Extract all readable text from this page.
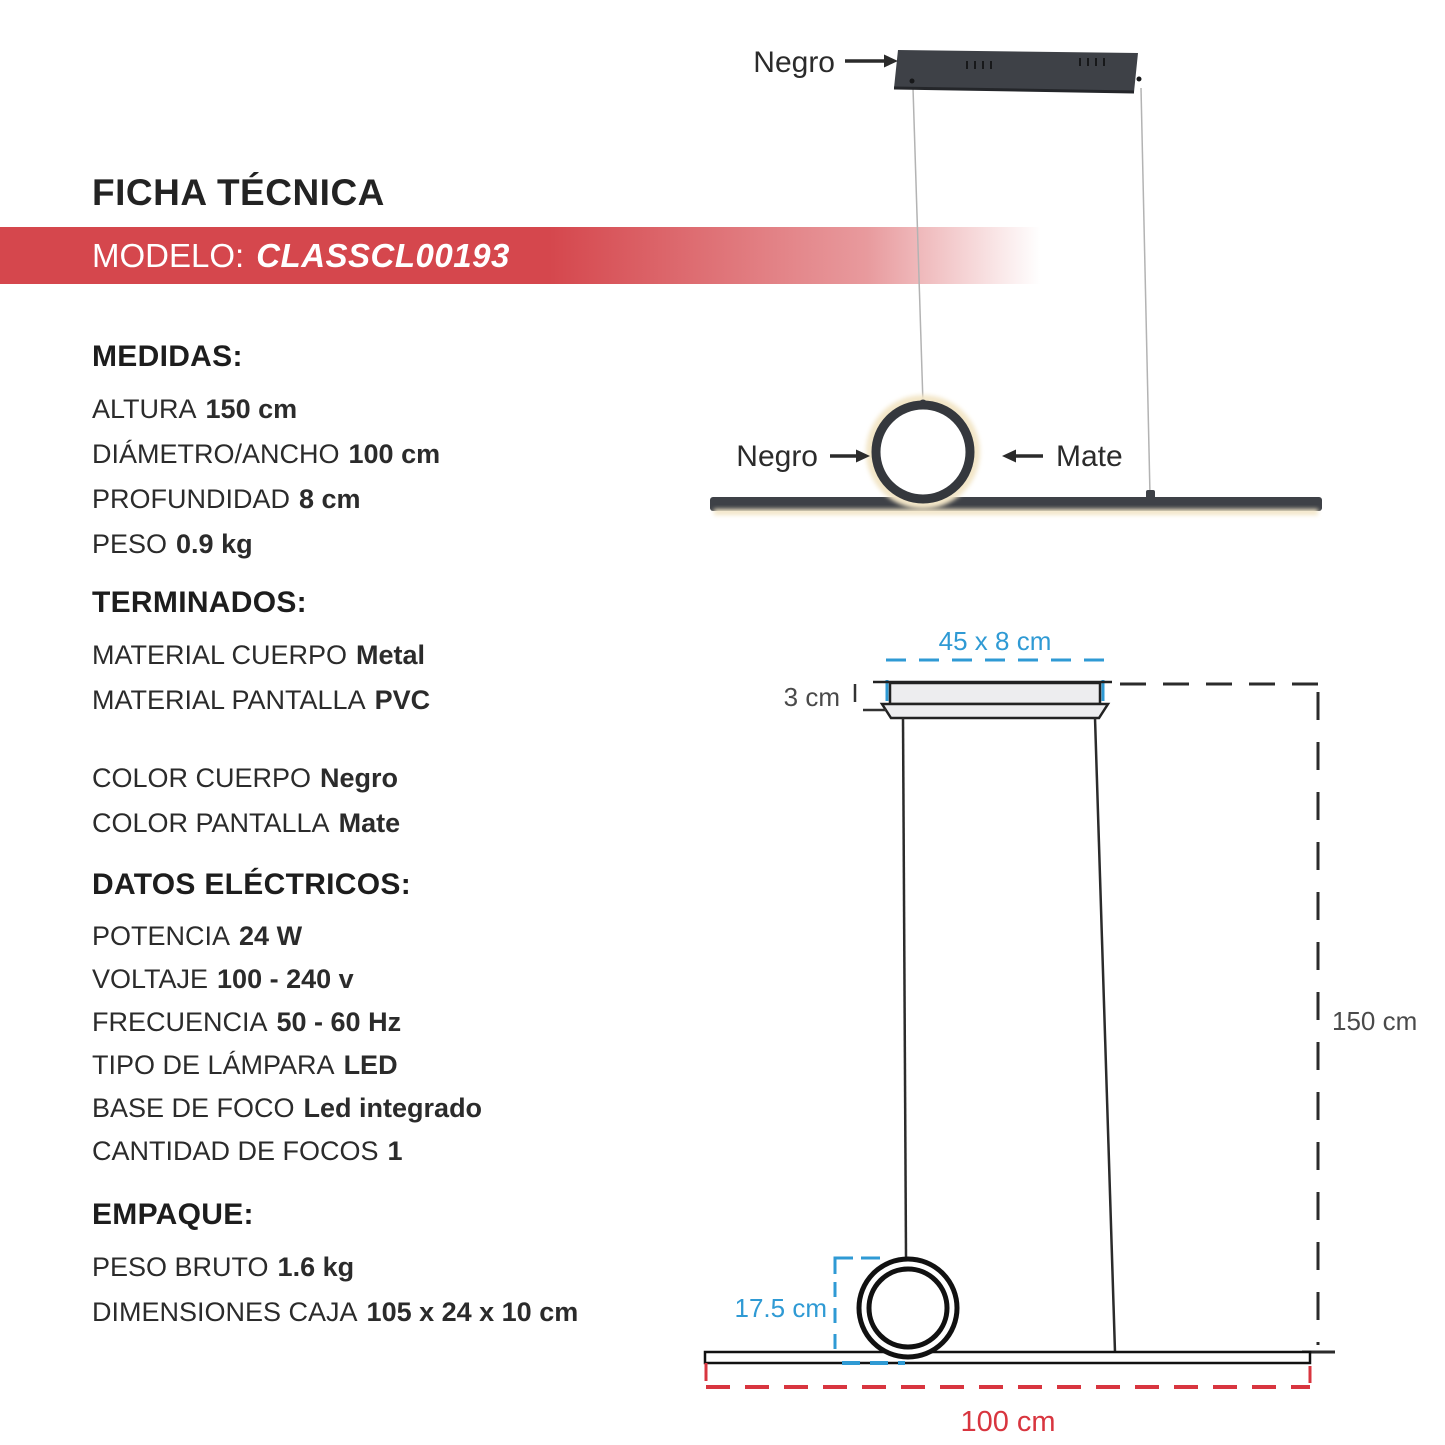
FICHA TÉCNICA
MODELO: CLASSCL00193
MEDIDAS:
ALTURA 150 cm
DIÁMETRO/ANCHO 100 cm
PROFUNDIDAD 8 cm
PESO 0.9 kg
TERMINADOS:
MATERIAL CUERPO Metal
MATERIAL PANTALLA PVC
COLOR CUERPO Negro
COLOR PANTALLA Mate
DATOS ELÉCTRICOS:
POTENCIA 24 W
VOLTAJE 100 - 240 v
FRECUENCIA 50 - 60 Hz
TIPO DE LÁMPARA LED
BASE DE FOCO Led integrado
CANTIDAD DE FOCOS 1
EMPAQUE:
PESO BRUTO 1.6 kg
DIMENSIONES CAJA 105 x 24 x 10 cm
Negro
Negro	Mate
45 x 8 cm
3 cm
150 cm
17.5 cm
100 cm
